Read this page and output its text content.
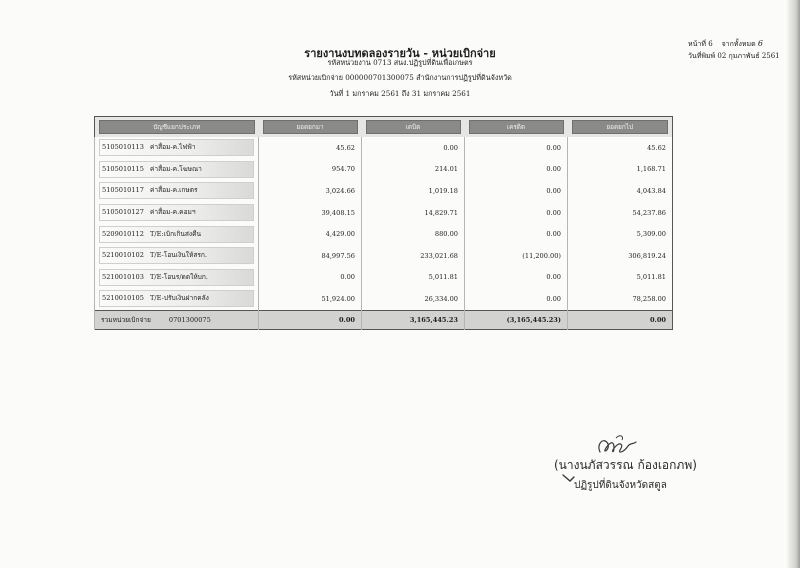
รายงานงบทดลองรายวัน - หน่วยเบิกจ่าย
รหัสหน่วยงาน 0713 สนง.ปฏิรูปที่ดินเพื่อเกษตร
รหัสหน่วยเบิกจ่าย 000000701300075 สำนักงานการปฏิรูปที่ดินจังหวัด
วันที่ 1 มกราคม 2561 ถึง 31 มกราคม 2561
หน้าที่ 6 จากทั้งหมด 6
วันที่พิมพ์ 02 กุมภาพันธ์ 2561
บัญชีแยกประเภท	ยอดยกมา	เดบิต	เครดิต	ยอดยกไป

5105010113 ค่าสื่อม-ค.ไฟฟ้า	45.62	0.00	0.00	45.62

5105010115 ค่าสื่อม-ค.โฆษณา	954.70	214.01	0.00	1,168.71

5105010117 ค่าสื่อม-ค.เกษตร	3,024.66	1,019.18	0.00	4,043.84

5105010127 ค่าสื่อม-ค.คอมฯ	39,408.15	14,829.71	0.00	54,237.86

5209010112 T/E:เบิกเกินส่งคืน	4,429.00	880.00	0.00	5,309.00

5210010102 T/E-โอนเงินให้สรก.	84,997.56	233,021.68	(11,200.00)	306,819.24

5210010103 T/E-โอนร/ดดให้บก.	0.00	5,011.81	0.00	5,011.81

5210010105 T/E-ปรับเงินฝากคลัง	51,924.00	26,334.00	0.00	78,258.00
รวมหน่วยเบิกจ่าย 0701300075	0.00	3,165,445.23	(3,165,445.23)	0.00
(นางนภัสวรรณ ก้องเอกภพ)
ปฏิรูปที่ดินจังหวัดสตูล
